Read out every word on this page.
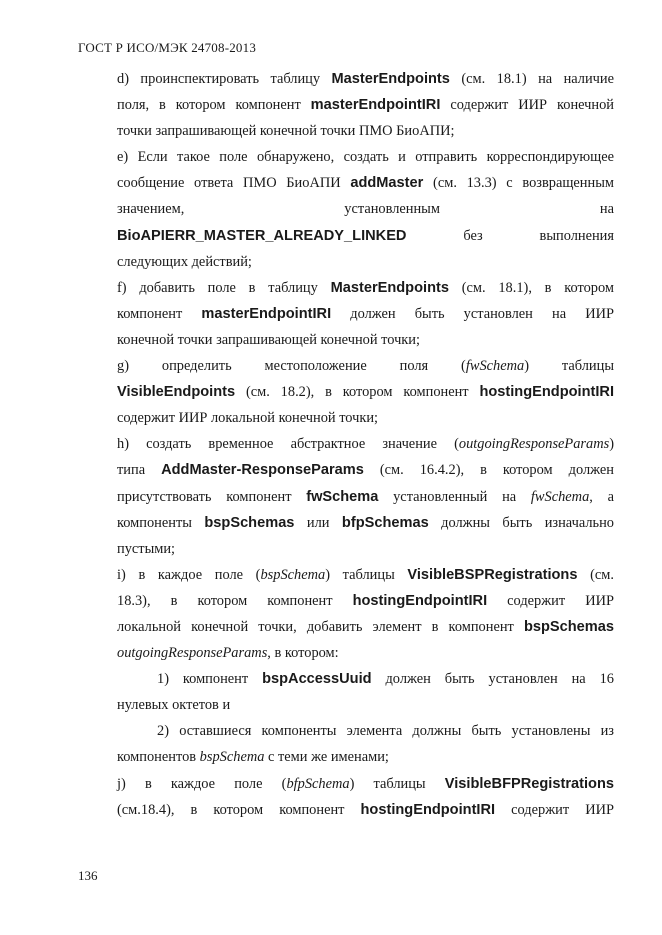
ГОСТ Р ИСО/МЭК 24708-2013
d) проинспектировать таблицу MasterEndpoints (см. 18.1) на наличие
поля, в котором компонент masterEndpointIRI содержит ИИР конечной
точки запрашивающей конечной точки ПМО БиоАПИ;
e) Если такое поле обнаружено, создать и отправить корреспондирующее
сообщение ответа ПМО БиоАПИ addMaster (см. 13.3) с возвращенным
значением, установленным на
BioAPIERR_MASTER_ALREADY_LINKED без выполнения
следующих действий;
f) добавить поле в таблицу MasterEndpoints (см. 18.1), в котором
компонент masterEndpointIRI должен быть установлен на ИИР
конечной точки запрашивающей конечной точки;
g) определить местоположение поля (fwSchema) таблицы
VisibleEndpoints (см. 18.2), в котором компонент hostingEndpointIRI
содержит ИИР локальной конечной точки;
h) создать временное абстрактное значение (outgoingResponseParams)
типа AddMaster-ResponseParams (см. 16.4.2), в котором должен
присутствовать компонент fwSchema установленный на fwSchema, а
компоненты bspSchemas или bfpSchemas должны быть изначально
пустыми;
i) в каждое поле (bspSchema) таблицы VisibleBSPRegistrations (см.
18.3), в котором компонент hostingEndpointIRI содержит ИИР
локальной конечной точки, добавить элемент в компонент bspSchemas
outgoingResponseParams, в котором:
1) компонент bspAccessUuid должен быть установлен на 16
нулевых октетов и
2) оставшиеся компоненты элемента должны быть установлены из
компонентов bspSchema с теми же именами;
j) в каждое поле (bfpSchema) таблицы VisibleBFPRegistrations
(см.18.4), в котором компонент hostingEndpointIRI содержит ИИР
136
